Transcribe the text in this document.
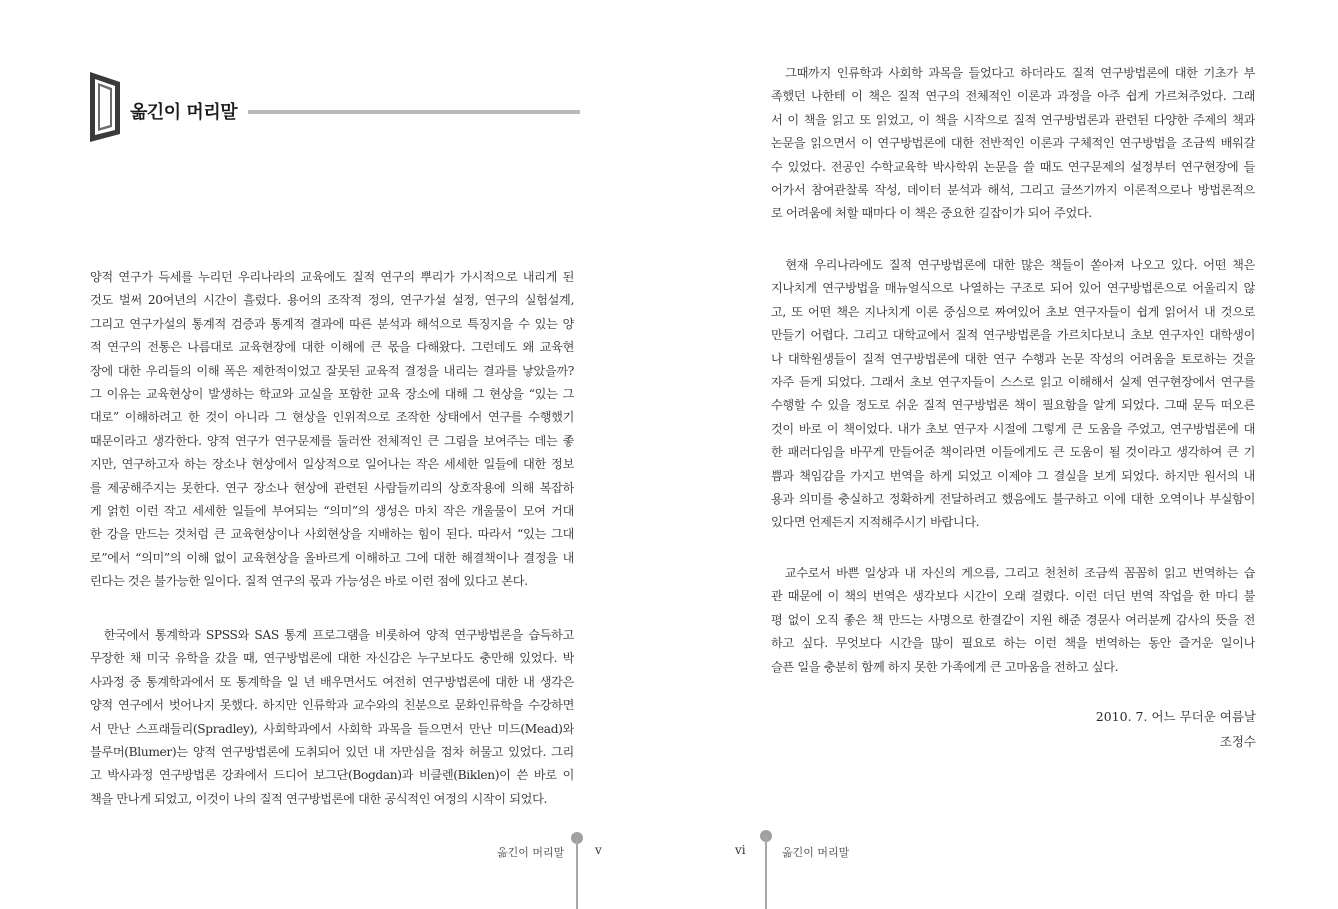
옮긴이 머리말
양적 연구가 득세를 누리던 우리나라의 교육에도 질적 연구의 뿌리가 가시적으로 내리게 된
것도 벌써 20여년의 시간이 흘렀다. 용어의 조작적 정의, 연구가설 설정, 연구의 실험설계,
그리고 연구가설의 통계적 검증과 통계적 결과에 따른 분석과 해석으로 특징지을 수 있는 양
적 연구의 전통은 나름대로 교육현장에 대한 이해에 큰 몫을 다해왔다. 그런데도 왜 교육현
장에 대한 우리들의 이해 폭은 제한적이었고 잘못된 교육적 결정을 내리는 결과를 낳았을까?
그 이유는 교육현상이 발생하는 학교와 교실을 포함한 교육 장소에 대해 그 현상을 “있는 그
대로” 이해하려고 한 것이 아니라 그 현상을 인위적으로 조작한 상태에서 연구를 수행했기
때문이라고 생각한다. 양적 연구가 연구문제를 둘러싼 전체적인 큰 그림을 보여주는 데는 좋
지만, 연구하고자 하는 장소나 현상에서 일상적으로 일어나는 작은 세세한 일들에 대한 정보
를 제공해주지는 못한다. 연구 장소나 현상에 관련된 사람들끼리의 상호작용에 의해 복잡하
게 얽힌 이런 작고 세세한 일들에 부여되는 “의미”의 생성은 마치 작은 개울물이 모여 거대
한 강을 만드는 것처럼 큰 교육현상이나 사회현상을 지배하는 힘이 된다. 따라서 “있는 그대
로”에서 “의미”의 이해 없이 교육현상을 올바르게 이해하고 그에 대한 해결책이나 결정을 내
린다는 것은 불가능한 일이다. 질적 연구의 몫과 가능성은 바로 이런 점에 있다고 본다.
　한국에서 통계학과 SPSS와 SAS 통계 프로그램을 비롯하여 양적 연구방법론을 습득하고
무장한 채 미국 유학을 갔을 때, 연구방법론에 대한 자신감은 누구보다도 충만해 있었다. 박
사과정 중 통계학과에서 또 통계학을 일 년 배우면서도 여전히 연구방법론에 대한 내 생각은
양적 연구에서 벗어나지 못했다. 하지만 인류학과 교수와의 친분으로 문화인류학을 수강하면
서 만난 스프래들리(Spradley), 사회학과에서 사회학 과목을 들으면서 만난 미드(Mead)와
블루머(Blumer)는 양적 연구방법론에 도취되어 있던 내 자만심을 점차 허물고 있었다. 그리
고 박사과정 연구방법론 강좌에서 드디어 보그단(Bogdan)과 비클렌(Biklen)이 쓴 바로 이
책을 만나게 되었고, 이것이 나의 질적 연구방법론에 대한 공식적인 여정의 시작이 되었다.
옮긴이 머리말	v
　그때까지 인류학과 사회학 과목을 들었다고 하더라도 질적 연구방법론에 대한 기초가 부
족했던 나한테 이 책은 질적 연구의 전체적인 이론과 과정을 아주 쉽게 가르쳐주었다. 그래
서 이 책을 읽고 또 읽었고, 이 책을 시작으로 질적 연구방법론과 관련된 다양한 주제의 책과
논문을 읽으면서 이 연구방법론에 대한 전반적인 이론과 구체적인 연구방법을 조금씩 배워갈
수 있었다. 전공인 수학교육학 박사학위 논문을 쓸 때도 연구문제의 설정부터 연구현장에 들
어가서 참여관찰록 작성, 데이터 분석과 해석, 그리고 글쓰기까지 이론적으로나 방법론적으
로 어려움에 처할 때마다 이 책은 중요한 길잡이가 되어 주었다.
　현재 우리나라에도 질적 연구방법론에 대한 많은 책들이 쏟아져 나오고 있다. 어떤 책은
지나치게 연구방법을 매뉴얼식으로 나열하는 구조로 되어 있어 연구방법론으로 어울리지 않
고, 또 어떤 책은 지나치게 이론 중심으로 짜여있어 초보 연구자들이 쉽게 읽어서 내 것으로
만들기 어렵다. 그리고 대학교에서 질적 연구방법론을 가르치다보니 초보 연구자인 대학생이
나 대학원생들이 질적 연구방법론에 대한 연구 수행과 논문 작성의 어려움을 토로하는 것을
자주 듣게 되었다. 그래서 초보 연구자들이 스스로 읽고 이해해서 실제 연구현장에서 연구를
수행할 수 있을 정도로 쉬운 질적 연구방법론 책이 필요함을 알게 되었다. 그때 문득 떠오른
것이 바로 이 책이었다. 내가 초보 연구자 시절에 그렇게 큰 도움을 주었고, 연구방법론에 대
한 패러다임을 바꾸게 만들어준 책이라면 이들에게도 큰 도움이 될 것이라고 생각하여 큰 기
쁨과 책임감을 가지고 번역을 하게 되었고 이제야 그 결실을 보게 되었다. 하지만 원서의 내
용과 의미를 충실하고 정확하게 전달하려고 했음에도 불구하고 이에 대한 오역이나 부실함이
있다면 언제든지 지적해주시기 바랍니다.
　교수로서 바쁜 일상과 내 자신의 게으름, 그리고 천천히 조금씩 꼼꼼히 읽고 번역하는 습
관 때문에 이 책의 번역은 생각보다 시간이 오래 걸렸다. 이런 더딘 번역 작업을 한 마디 불
평 없이 오직 좋은 책 만드는 사명으로 한결같이 지원 해준 경문사 여러분께 감사의 뜻을 전
하고 싶다. 무엇보다 시간을 많이 필요로 하는 이런 책을 번역하는 동안 즐거운 일이나
슬픈 일을 충분히 함께 하지 못한 가족에게 큰 고마움을 전하고 싶다.
2010. 7. 어느 무더운 여름날
조정수
vi	옮긴이 머리말
